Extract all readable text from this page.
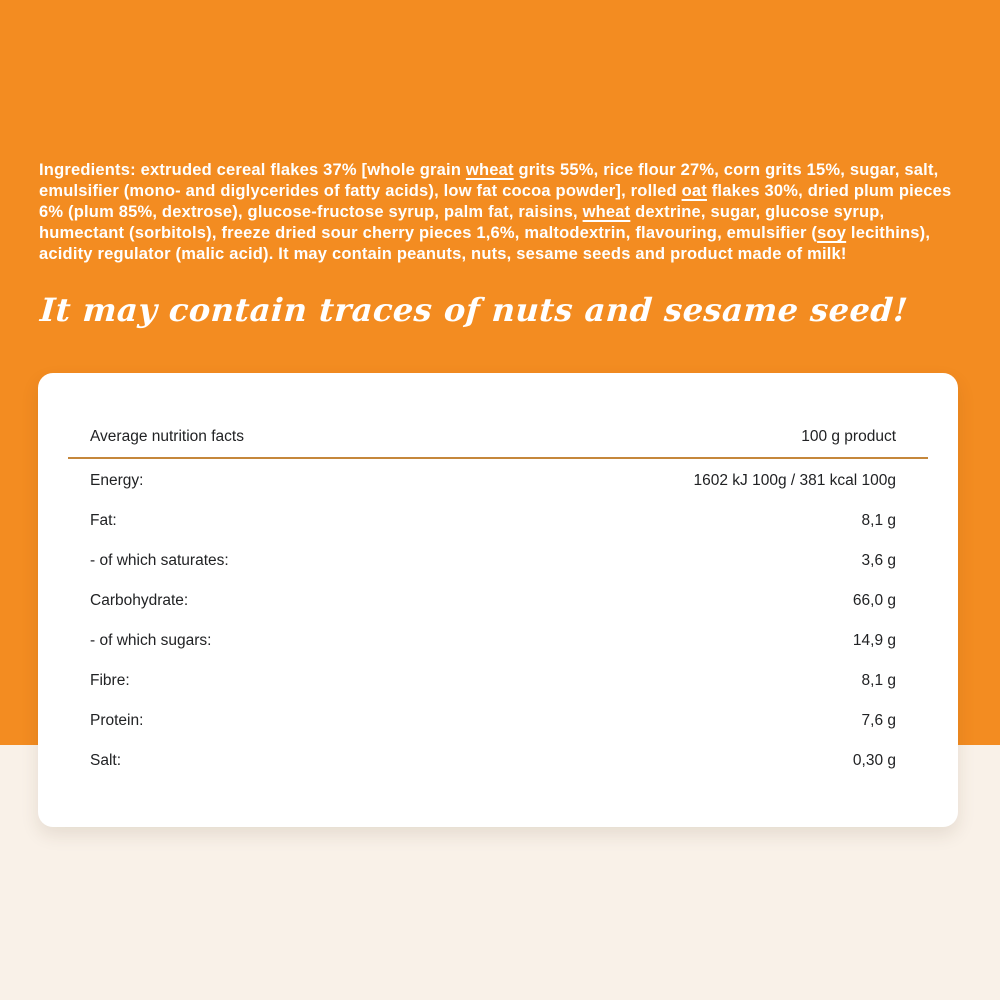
Ingredients: extruded cereal flakes 37% [whole grain wheat grits 55%, rice flour 27%, corn grits 15%, sugar, salt, emulsifier (mono- and diglycerides of fatty acids), low fat cocoa powder], rolled oat flakes 30%, dried plum pieces 6% (plum 85%, dextrose), glucose-fructose syrup, palm fat, raisins, wheat dextrine, sugar, glucose syrup, humectant (sorbitols), freeze dried sour cherry pieces 1,6%, maltodextrin, flavouring, emulsifier (soy lecithins), acidity regulator (malic acid). It may contain peanuts, nuts, sesame seeds and product made of milk!

It may contain traces of nuts and sesame seed!
Average nutrition facts	100 g product
Energy:	1602 kJ 100g / 381 kcal 100g
Fat:	8,1 g
- of which saturates:	3,6 g
Carbohydrate:	66,0 g
- of which sugars:	14,9 g
Fibre:	8,1 g
Protein:	7,6 g
Salt:	0,30 g
